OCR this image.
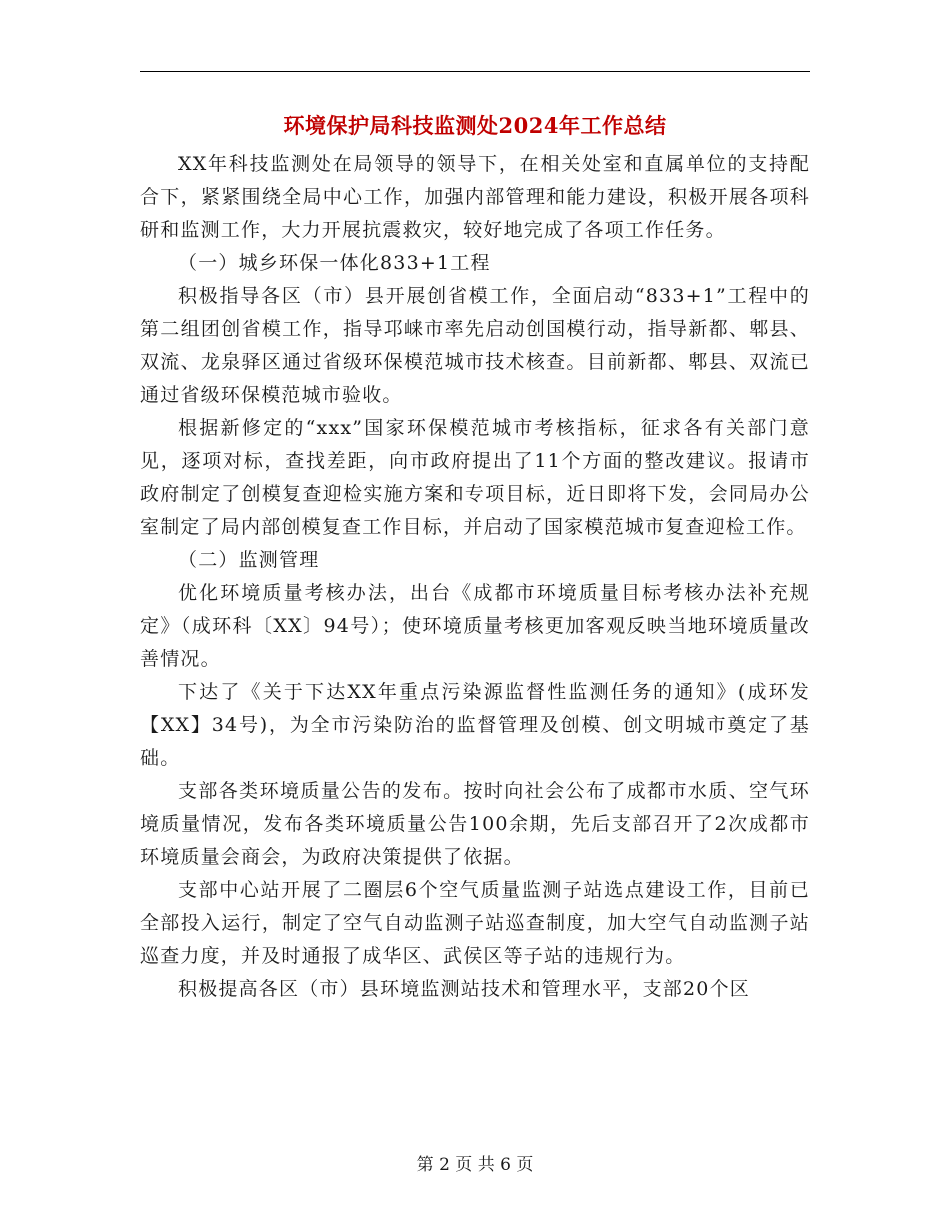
环境保护局科技监测处2024年工作总结

XX年科技监测处在局领导的领导下，在相关处室和直属单位的支持配合下，紧紧围绕全局中心工作，加强内部管理和能力建设，积极开展各项科研和监测工作，大力开展抗震救灾，较好地完成了各项工作任务。

（一）城乡环保一体化833+1工程

积极指导各区（市）县开展创省模工作，全面启动“833+1”工程中的第二组团创省模工作，指导邛崃市率先启动创国模行动，指导新都、郫县、双流、龙泉驿区通过省级环保模范城市技术核查。目前新都、郫县、双流已通过省级环保模范城市验收。

根据新修定的“xxx”国家环保模范城市考核指标，征求各有关部门意见，逐项对标，查找差距，向市政府提出了11个方面的整改建议。报请市政府制定了创模复查迎检实施方案和专项目标，近日即将下发，会同局办公室制定了局内部创模复查工作目标，并启动了国家模范城市复查迎检工作。

（二）监测管理

优化环境质量考核办法，出台《成都市环境质量目标考核办法补充规定》（成环科〔XX〕94号）；使环境质量考核更加客观反映当地环境质量改善情况。

下达了《关于下达XX年重点污染源监督性监测任务的通知》(成环发【XX】34号)，为全市污染防治的监督管理及创模、创文明城市奠定了基础。

支部各类环境质量公告的发布。按时向社会公布了成都市水质、空气环境质量情况，发布各类环境质量公告100余期，先后支部召开了2次成都市环境质量会商会，为政府决策提供了依据。

支部中心站开展了二圈层6个空气质量监测子站选点建设工作，目前已全部投入运行，制定了空气自动监测子站巡查制度，加大空气自动监测子站巡查力度，并及时通报了成华区、武侯区等子站的违规行为。

积极提高各区（市）县环境监测站技术和管理水平，支部20个区

第 2 页 共 6 页
